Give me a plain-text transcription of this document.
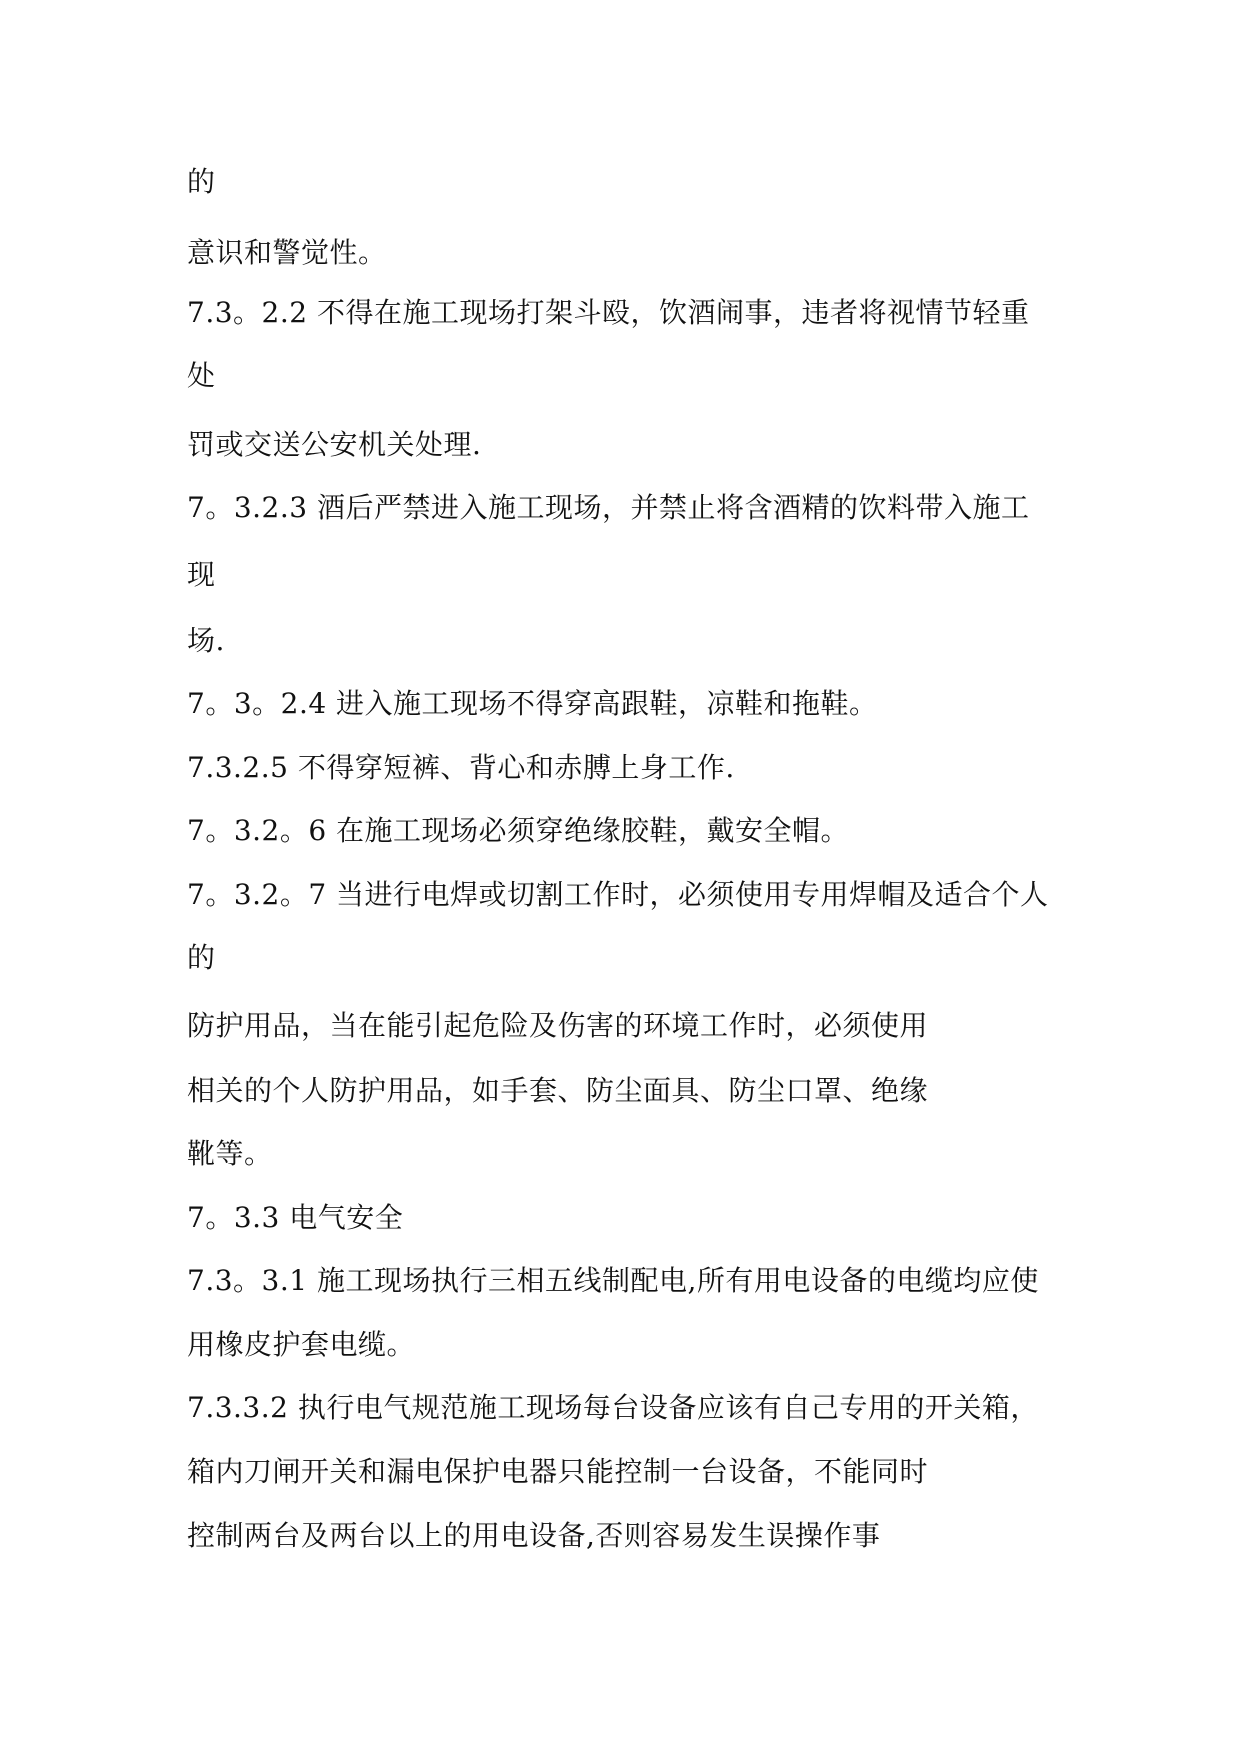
的

意识和警觉性。

7.3。2.2 不得在施工现场打架斗殴，饮酒闹事，违者将视情节轻重

处

罚或交送公安机关处理.

7。3.2.3 酒后严禁进入施工现场，并禁止将含酒精的饮料带入施工

现

场.

7。3。2.4 进入施工现场不得穿高跟鞋，凉鞋和拖鞋。

7.3.2.5 不得穿短裤、背心和赤膊上身工作.

7。3.2。6 在施工现场必须穿绝缘胶鞋，戴安全帽。

7。3.2。7 当进行电焊或切割工作时，必须使用专用焊帽及适合个人

的

防护用品，当在能引起危险及伤害的环境工作时，必须使用

相关的个人防护用品，如手套、防尘面具、防尘口罩、绝缘

靴等。

7。3.3 电气安全

7.3。3.1 施工现场执行三相五线制配电,所有用电设备的电缆均应使

用橡皮护套电缆。

7.3.3.2 执行电气规范施工现场每台设备应该有自己专用的开关箱，

箱内刀闸开关和漏电保护电器只能控制一台设备，不能同时

控制两台及两台以上的用电设备,否则容易发生误操作事
